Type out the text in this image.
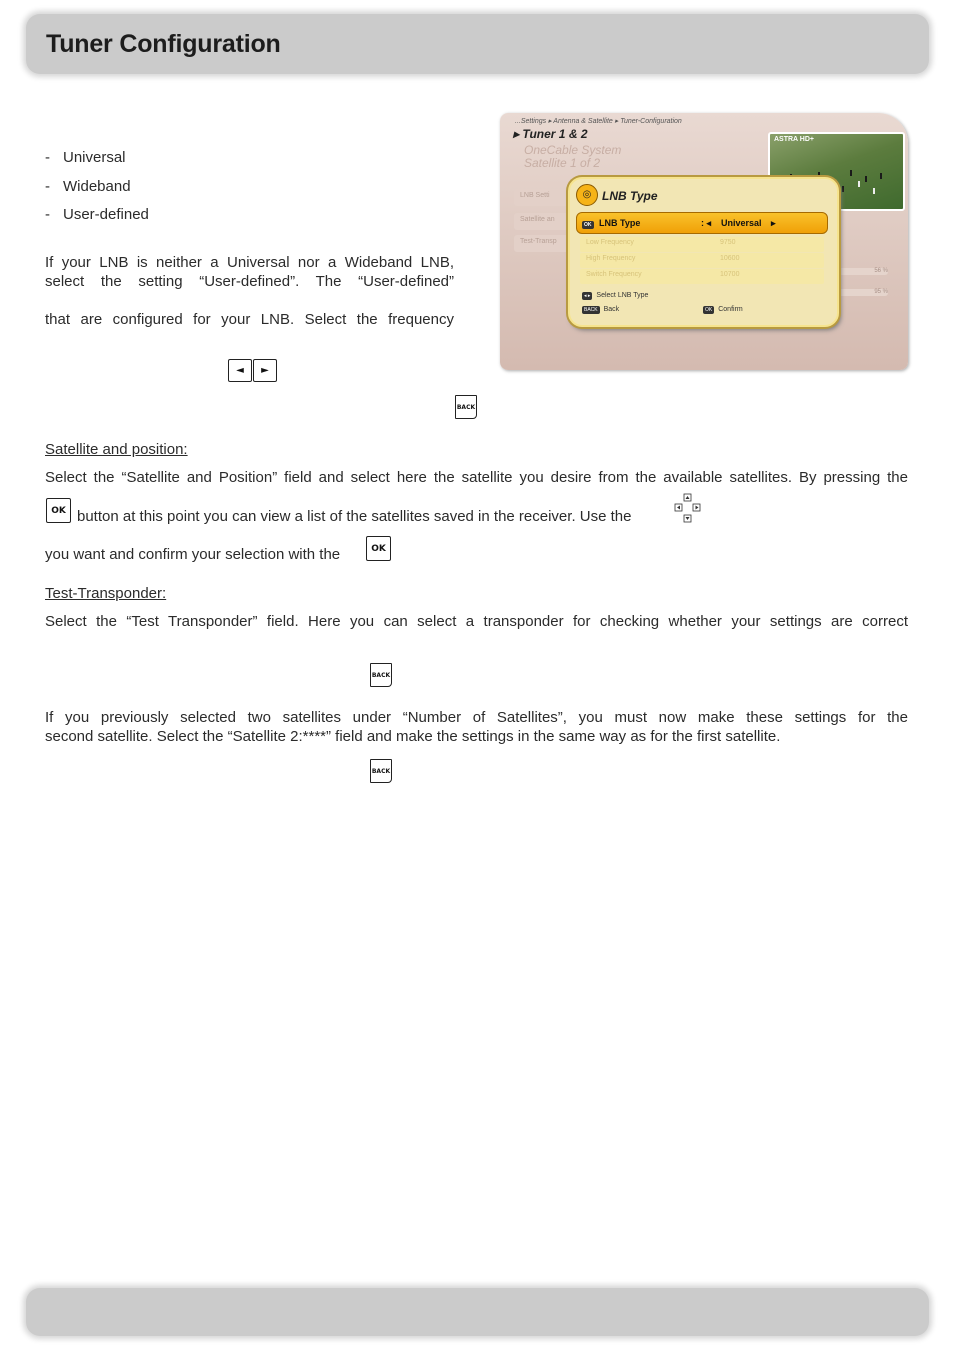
Tuner Configuration
- Universal
- Wideband
- User-defined
If your LNB is neither a Universal nor a Wideband LNB,
select the setting “User-defined”. The “User-defined”
that are configured for your LNB. Select the frequency
◄	►
BACK
Satellite and position:
Select the “Satellite and Position” field and select here the satellite you desire from the available satellites. By pressing the
OK button at this point you can view a list of the satellites saved in the receiver. Use the
you want and confirm your selection with the	OK
Test-Transponder:
Select the “Test Transponder” field. Here you can select a transponder for checking whether your settings are correct
BACK
If you previously selected two satellites under “Number of Satellites”, you must now make these settings for the
second satellite. Select the “Satellite 2:****” field and make the settings in the same way as for the first satellite.
BACK
...Settings ▸ Antenna & Satellite ▸ Tuner-Configuration
▸ Tuner 1 & 2
OneCable System
Satellite 1 of 2
LNB Setti
Satellite an
Test-Transp
ASTRA HD+
56 %
95 %
◎ LNB Type
OK LNB Type	: ◂ Universal ▸
Low Frequency	9750
High Frequency	10600
Switch Frequency	10700
◂ ▸ Select LNB Type
BACK Back	OK Confirm
